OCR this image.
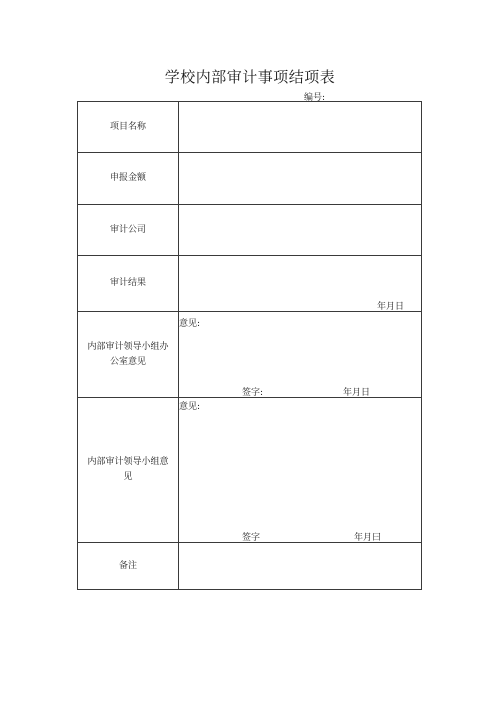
学校内部审计事项结项表
编号:
项目名称
申报金额
审计公司
审计结果
年月日
内部审计领导小组办公室意见
意见:
签字:	年月日
内部审计领导小组意见
意见:
签字	年月曰
备注
